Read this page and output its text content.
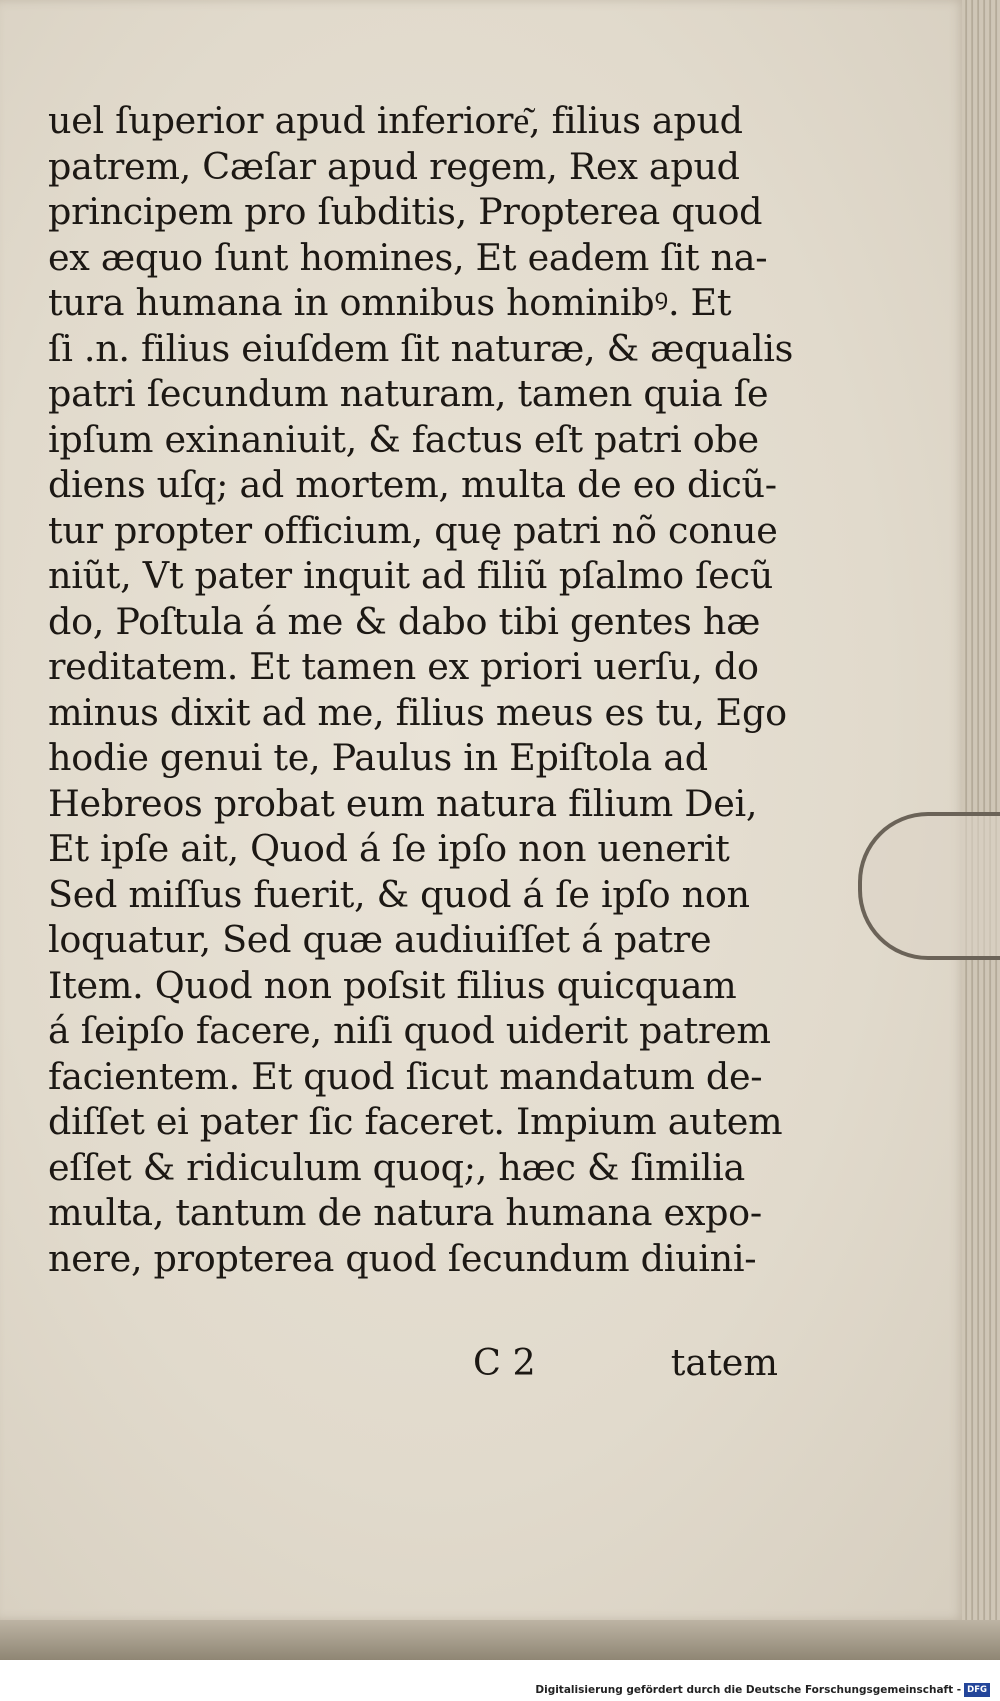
uel ſuperior apud inferiore͂, filius apud
patrem, Cæſar apud regem, Rex apud
principem pro ſubditis, Propterea quod
ex æquo ſunt homines, Et eadem ſit na-
tura humana in omnibus hominibꝰ. Et
ſi .n. filius eiuſdem ſit naturæ, & æqualis
patri ſecundum naturam, tamen quia ſe
ipſum exinaniuit, & factus eſt patri obe
diens uſq; ad mortem, multa de eo dicũ-
tur propter officium, quę patri nõ conue
niũt, Vt pater inquit ad filiũ pſalmo ſecũ
do, Poſtula á me & dabo tibi gentes hæ
reditatem. Et tamen ex priori uerſu, do
minus dixit ad me, filius meus es tu, Ego
hodie genui te, Paulus in Epiſtola ad
Hebreos probat eum natura filium Dei,
Et ipſe ait, Quod á ſe ipſo non uenerit
Sed miſſus fuerit, & quod á ſe ipſo non
loquatur, Sed quæ audiuiſſet á patre
Item. Quod non poſsit filius quicquam
á ſeipſo facere, niſi quod uiderit patrem
facientem. Et quod ſicut mandatum de-
diſſet ei pater ſic faceret. Impium autem
eſſet & ridiculum quoq;, hæc & ſimilia
multa, tantum de natura humana expo-
nere, propterea quod ſecundum diuini-
C 2	tatem
Digitalisierung gefördert durch die Deutsche Forschungsgemeinschaft - DFG
